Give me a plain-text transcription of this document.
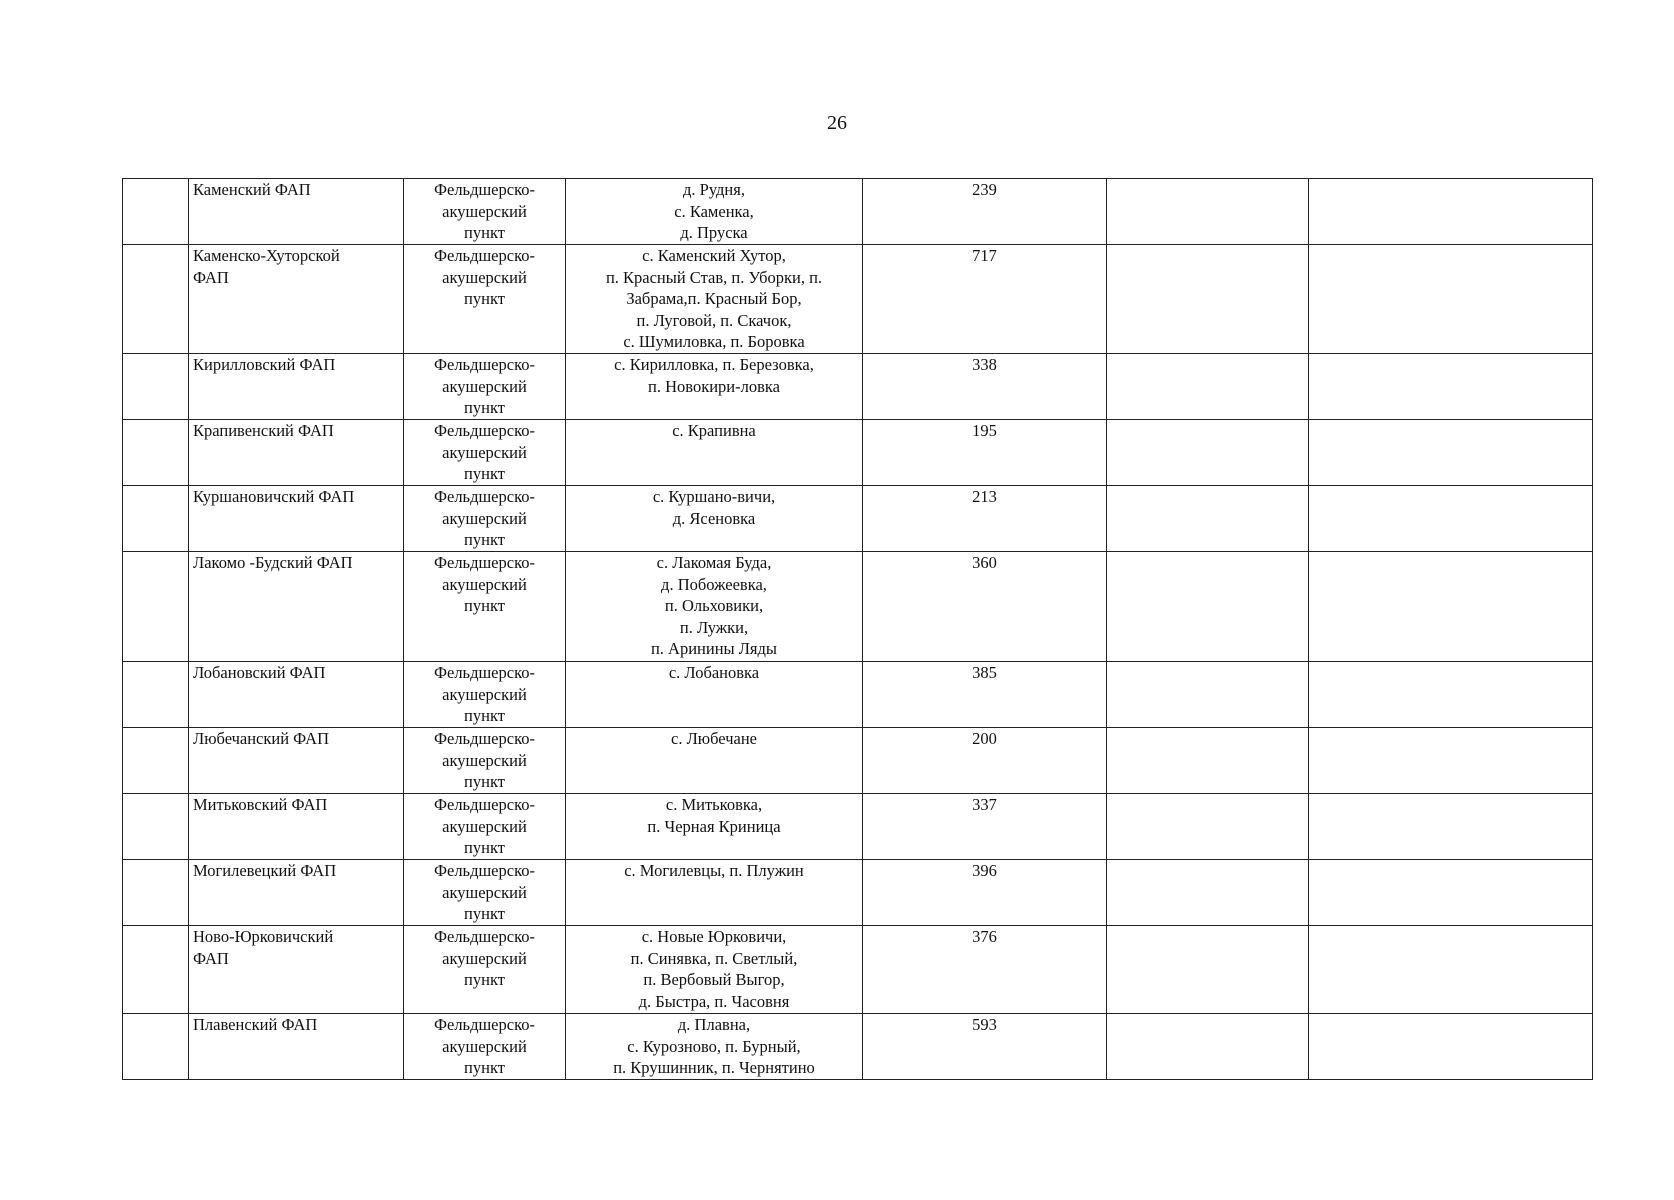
26

	Каменский ФАП	Фельдшерско-
акушерский
пункт	д. Рудня,
с. Каменка,
д. Пруска	239		

	Каменско-Хуторской
ФАП	Фельдшерско-
акушерский
пункт	с. Каменский Хутор,
п. Красный Став, п. Уборки, п.
Забрама,п. Красный Бор,
п. Луговой, п. Скачок,
с. Шумиловка, п. Боровка	717		

	Кирилловский ФАП	Фельдшерско-
акушерский
пункт	с. Кирилловка, п. Березовка,
п. Новокири-ловка	338		

	Крапивенский ФАП	Фельдшерско-
акушерский
пункт	с. Крапивна	195		

	Куршановичский ФАП	Фельдшерско-
акушерский
пункт	с. Куршано-вичи,
д. Ясеновка	213		

	Лакомо -Будский ФАП	Фельдшерско-
акушерский
пункт	с. Лакомая Буда,
д. Побожеевка,
п. Ольховики,
п. Лужки,
п. Аринины Ляды	360		

	Лобановский ФАП	Фельдшерско-
акушерский
пункт	с. Лобановка	385		

	Любечанский ФАП	Фельдшерско-
акушерский
пункт	с. Любечане	200		

	Митьковский ФАП	Фельдшерско-
акушерский
пункт	с. Митьковка,
п. Черная Криница	337		

	Могилевецкий ФАП	Фельдшерско-
акушерский
пункт	с. Могилевцы, п. Плужин	396		

	Ново-Юрковичский
ФАП	Фельдшерско-
акушерский
пункт	с. Новые Юрковичи,
п. Синявка, п. Светлый,
п. Вербовый Выгор,
д. Быстра, п. Часовня	376		

	Плавенский ФАП	Фельдшерско-
акушерский
пункт	д. Плавна,
с. Курозново, п. Бурный,
п. Крушинник, п. Чернятино	593		
